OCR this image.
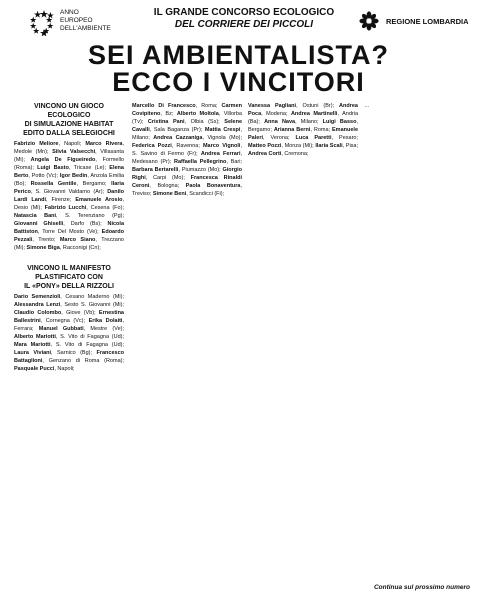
ANNO EUROPEO
DELL'AMBIENTE
IL GRANDE CONCORSO ECOLOGICO
DEL CORRIERE DEI PICCOLI	REGIONE LOMBARDIA
SEI AMBIENTALISTA?
ECCO I VINCITORI
VINCONO UN GIOCO ECOLOGICO
DI SIMULAZIONE HABITAT
EDITO DALLA SELEGIOCHI
Fabrizio Meliore, Napoli; Marco Rivera, Medole (Mn); Silvia Valsecchi, Villasanta (Mi); Angela De Figueiredo, Formello (Roma); Luigi Basto, Tricase (Le); Elena Berto, Potto (Vc); Igor Bedin, Anzola Emilia (Bo); Rossella Gentile, Bergamo; Ilaria Perico, S. Giovanni Valdarno (Ar); Danilo Lardi Landi, Firenze; Emanuele Arosio, Desio (Mi); Fabrizio Lucchi, Cesena (Fo); Natascia Bani, S. Terenziano (Pg); Giovanni Ghiselli, Darfo (Bs); Nicola Battiston, Torre Del Mosto (Ve); Edoardo Pezzali, Trento; Marco Siano, Trezzano (Mi); Simone Biga, Racconigi (Cn);
VINCONO IL MANIFESTO
PLASTIFICATO CON
IL «PONY» DELLA RIZZOLI
Dario Semenzioli, Cesano Maderno (Mi); Alessandra Lenzi, Sesto S. Giovanni (Mi); Claudio Colombo, Giove (Vb); Ernestina Ballestrini, Cornegna (Vc); Erika Dolaiti, Ferrara; Manuel Gubbati, Mestre (Ve); Alberto Mariotti, S. Vito di Fagagna (Ud); Mara Mariotti, S. Vito di Fagagna (Ud); Laura Viviani, Sarnico (Bg); Francesco Battaglioni, Genzano di Roma (Roma); Pasquale Pucci, Napoli;
Marcello Di Francesco, Roma; Carmen Covipiteno, Bz; Alberto Moltola, Villorba (Tv); Cristina Pani, Olbia (Ss); Selene Cavalli, Sala Baganza (Pr); Mattia Crespi, Milano; Andrea Cazzaniga, Vignola (Mo); Federica Pozzi, Ravenna; Marco Vignoli, S. Savino di Fermo (Fr); Andrea Ferrari, Medesano (Pr); Raffaella Pellegrino, Bari; Barbara Bertarelli, Piumazzo (Mo); Giorgio Righi, Carpi (Mo); Francesca Rinaldi Ceroni, Bologna; Paola Bonaventura, Treviso; Simone Beni, Scandicci (Fi);
Vanessa Pagliani, Ostuni (Br); Andrea Poca, Modena; Andrea Martinelli, Andria (Ba); Anna Nava, Milano; Luigi Basso, Bergamo; Arianna Berni, Roma; Emanuele Paleri, Verona; Luca Paretti, Pesaro; Matteo Pozzi, Monza (Mi); Ilaria Scali, Pisa; Andrea Corti, Cremona;
…
Continua sul prossimo numero
